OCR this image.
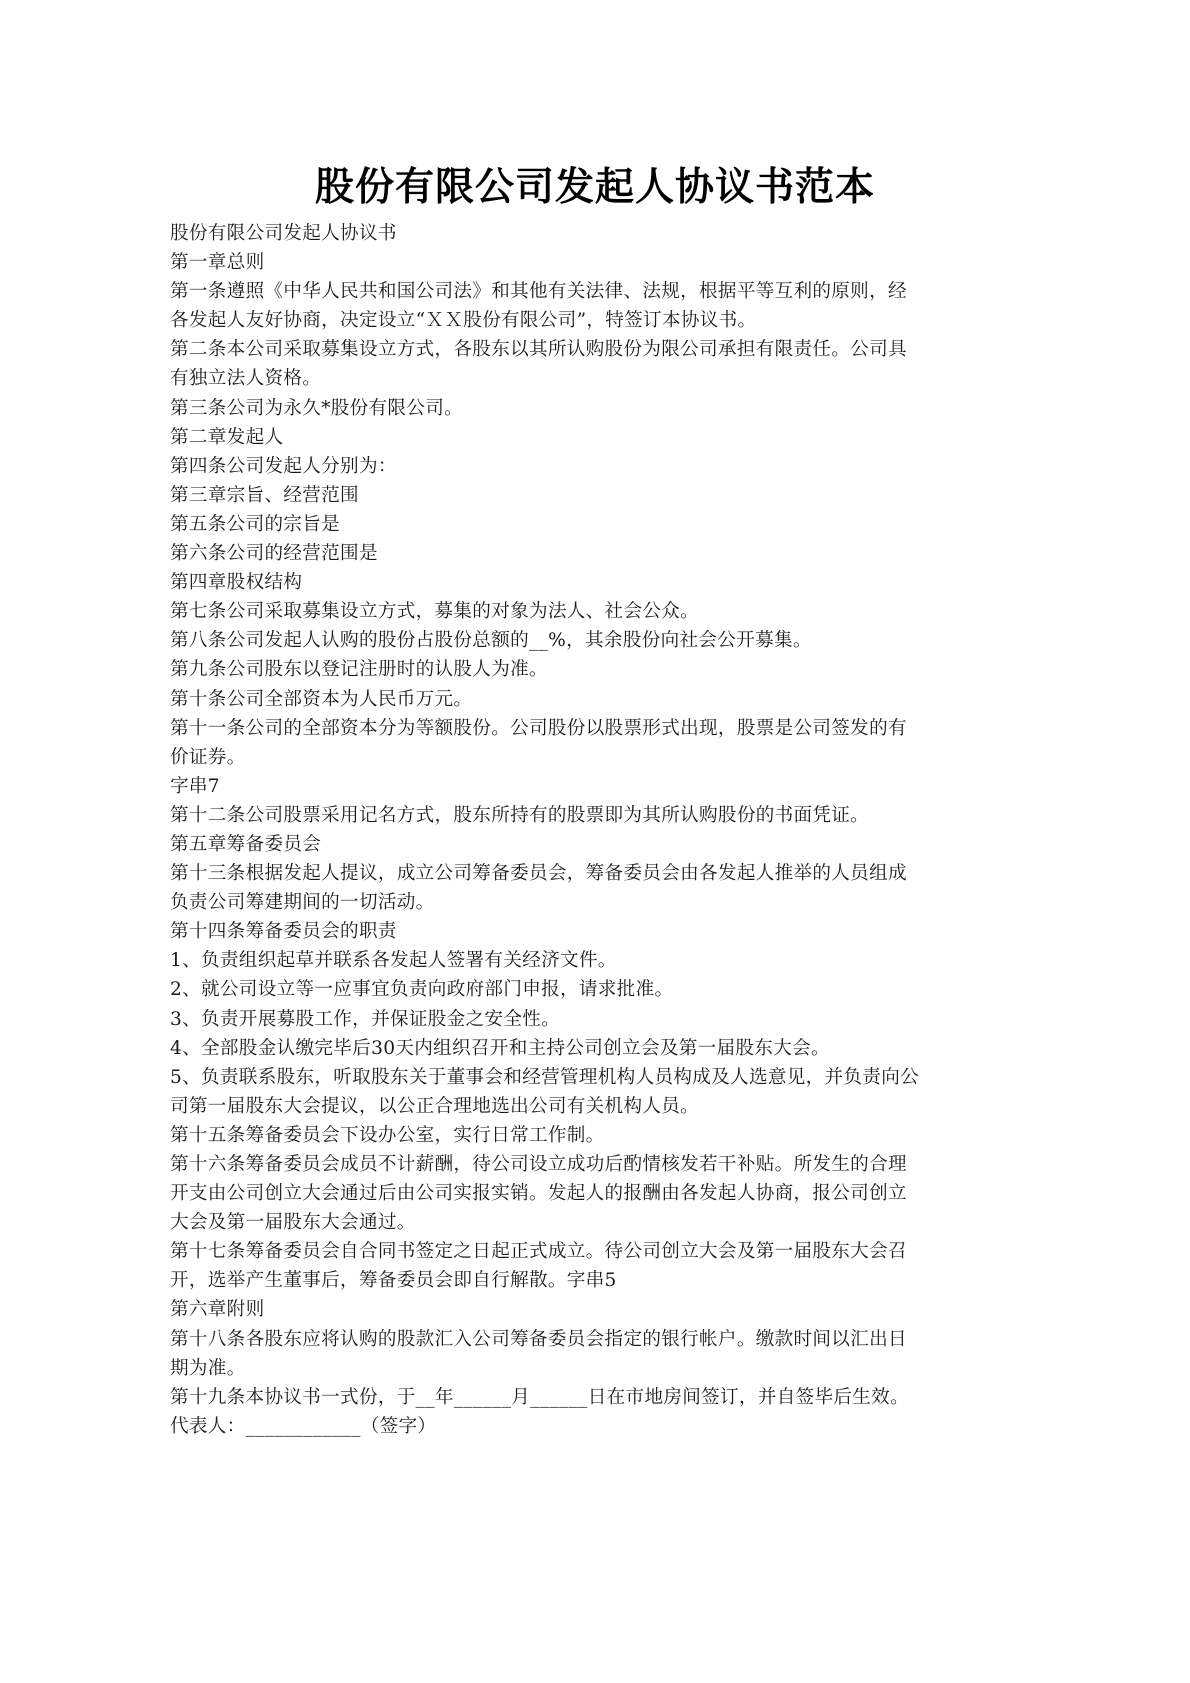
股份有限公司发起人协议书范本
股份有限公司发起人协议书
第一章总则
第一条遵照《中华人民共和国公司法》和其他有关法律、法规，根据平等互利的原则，经
各发起人友好协商，决定设立“ＸＸ股份有限公司”，特签订本协议书。
第二条本公司采取募集设立方式，各股东以其所认购股份为限公司承担有限责任。公司具
有独立法人资格。
第三条公司为永久*股份有限公司。
第二章发起人
第四条公司发起人分别为：
第三章宗旨、经营范围
第五条公司的宗旨是
第六条公司的经营范围是
第四章股权结构
第七条公司采取募集设立方式，募集的对象为法人、社会公众。
第八条公司发起人认购的股份占股份总额的__%，其余股份向社会公开募集。
第九条公司股东以登记注册时的认股人为准。
第十条公司全部资本为人民币万元。
第十一条公司的全部资本分为等额股份。公司股份以股票形式出现，股票是公司签发的有
价证券。
字串7
第十二条公司股票采用记名方式，股东所持有的股票即为其所认购股份的书面凭证。
第五章筹备委员会
第十三条根据发起人提议，成立公司筹备委员会，筹备委员会由各发起人推举的人员组成
负责公司筹建期间的一切活动。
第十四条筹备委员会的职责
1、负责组织起草并联系各发起人签署有关经济文件。
2、就公司设立等一应事宜负责向政府部门申报，请求批准。
3、负责开展募股工作，并保证股金之安全性。
4、全部股金认缴完毕后30天内组织召开和主持公司创立会及第一届股东大会。
5、负责联系股东，听取股东关于董事会和经营管理机构人员构成及人选意见，并负责向公
司第一届股东大会提议，以公正合理地选出公司有关机构人员。
第十五条筹备委员会下设办公室，实行日常工作制。
第十六条筹备委员会成员不计薪酬，待公司设立成功后酌情核发若干补贴。所发生的合理
开支由公司创立大会通过后由公司实报实销。发起人的报酬由各发起人协商，报公司创立
大会及第一届股东大会通过。
第十七条筹备委员会自合同书签定之日起正式成立。待公司创立大会及第一届股东大会召
开，选举产生董事后，筹备委员会即自行解散。字串5
第六章附则
第十八条各股东应将认购的股款汇入公司筹备委员会指定的银行帐户。缴款时间以汇出日
期为准。
第十九条本协议书一式份，于__年______月______日在市地房间签订，并自签毕后生效。
代表人：____________（签字）
